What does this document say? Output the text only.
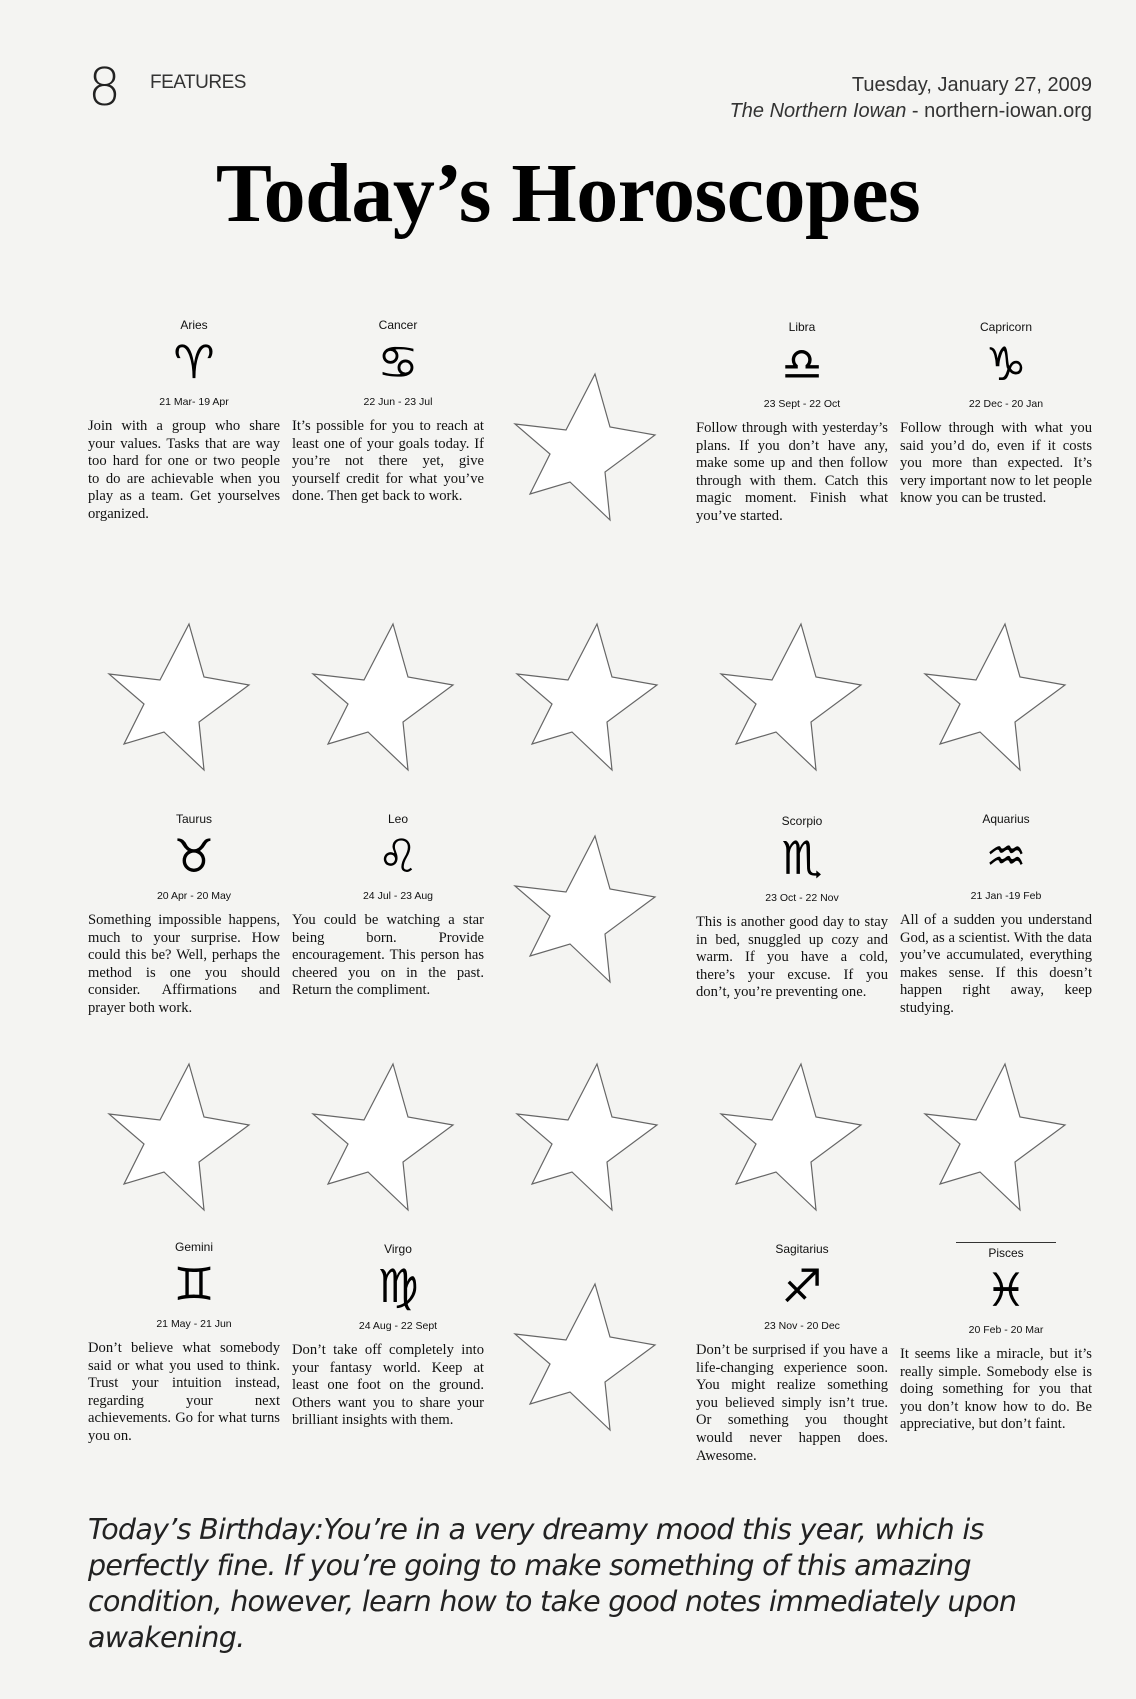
8 FEATURES	Tuesday, January 27, 2009
The Northern Iowan - northern-iowan.org
Today’s Horoscopes
Aries
♈
21 Mar- 19 Apr
Join with a group who share your values. Tasks that are way too hard for one or two people to do are achievable when you play as a team. Get yourselves organized.
Cancer
♋
22 Jun - 23 Jul
It’s possible for you to reach at least one of your goals today. If you’re not there yet, give yourself credit for what you’ve done. Then get back to work.
Libra
♎
23 Sept - 22 Oct
Follow through with yesterday’s plans. If you don’t have any, make some up and then follow through with them. Catch this magic moment. Finish what you’ve started.
Capricorn
♑
22 Dec - 20 Jan
Follow through with what you said you’d do, even if it costs you more than expected. It’s very important now to let people know you can be trusted.
Taurus
♉
20 Apr - 20 May
Something impossible happens, much to your surprise. How could this be? Well, perhaps the method is one you should consider. Affirmations and prayer both work.
Leo
♌
24 Jul - 23 Aug
You could be watching a star being born. Provide encouragement. This person has cheered you on in the past. Return the compliment.
Scorpio
♏
23 Oct - 22 Nov
This is another good day to stay in bed, snuggled up cozy and warm. If you have a cold, there’s your excuse. If you don’t, you’re preventing one.
Aquarius
♒
21 Jan -19 Feb
All of a sudden you understand God, as a scientist. With the data you’ve accumulated, everything makes sense. If this doesn’t happen right away, keep studying.
Gemini
♊
21 May - 21 Jun
Don’t believe what somebody said or what you used to think. Trust your intuition instead, regarding your next achievements. Go for what turns you on.
Virgo
♍
24 Aug - 22 Sept
Don’t take off completely into your fantasy world. Keep at least one foot on the ground. Others want you to share your brilliant insights with them.
Sagitarius
♐
23 Nov - 20 Dec
Don’t be surprised if you have a life-changing experience soon. You might realize something you believed simply isn’t true. Or something you thought would never happen does. Awesome.
Pisces
♓
20 Feb - 20 Mar
It seems like a miracle, but it’s really simple. Somebody else is doing something for you that you don’t know how to do. Be appreciative, but don’t faint.
Today’s Birthday:You’re in a very dreamy mood this year, which is perfectly fine. If you’re going to make something of this amazing condition, however, learn how to take good notes immediately upon awakening.
